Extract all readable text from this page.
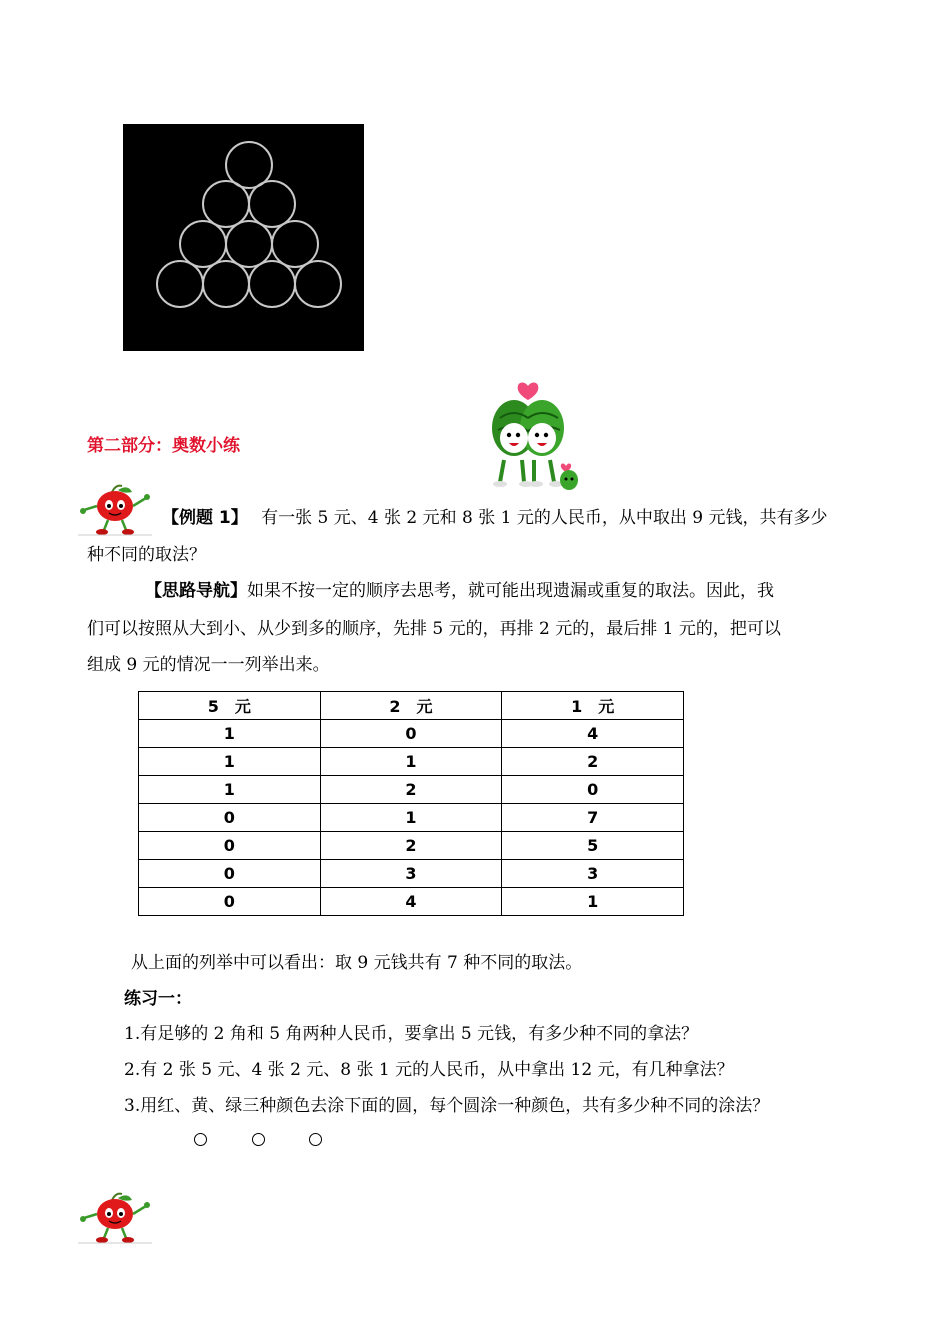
第二部分：奥数小练
【例题 1】 有一张 5 元、4 张 2 元和 8 张 1 元的人民币，从中取出 9 元钱，共有多少
种不同的取法？
【思路导航】如果不按一定的顺序去思考，就可能出现遗漏或重复的取法。因此，我
们可以按照从大到小、从少到多的顺序，先排 5 元的，再排 2 元的，最后排 1 元的，把可以
组成 9 元的情况一一列举出来。
5　元	2　元	1　元
1	0	4
1	1	2
1	2	0
0	1	7
0	2	5
0	3	3
0	4	1
从上面的列举中可以看出：取 9 元钱共有 7 种不同的取法。
练习一：
1.有足够的 2 角和 5 角两种人民币，要拿出 5 元钱，有多少种不同的拿法？
2.有 2 张 5 元、4 张 2 元、8 张 1 元的人民币，从中拿出 12 元，有几种拿法？
3.用红、黄、绿三种颜色去涂下面的圆，每个圆涂一种颜色，共有多少种不同的涂法？
